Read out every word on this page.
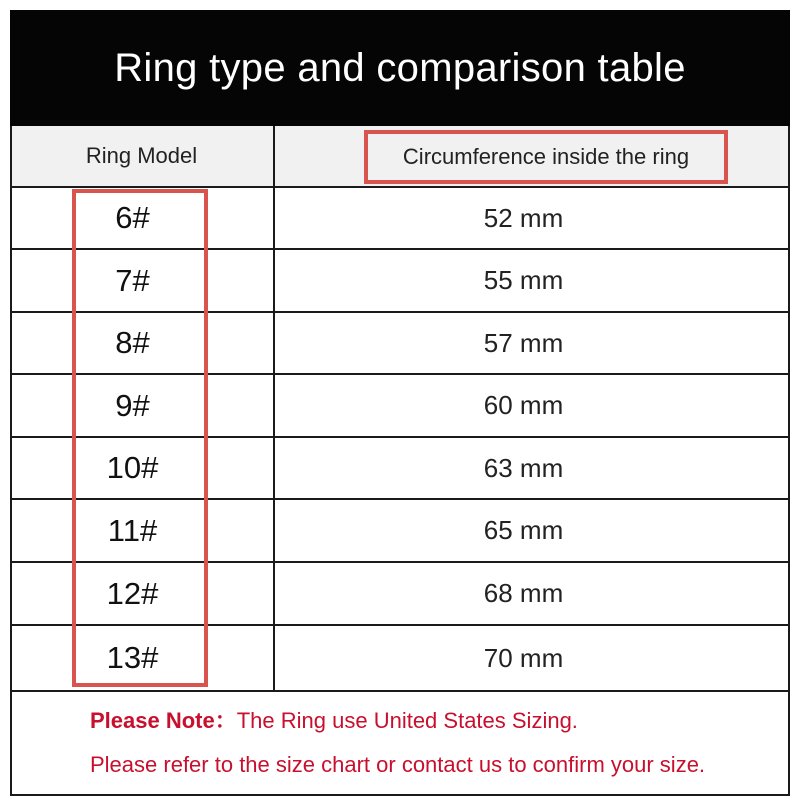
Ring type and comparison table
Ring Model	Circumference inside the ring
6#	52 mm
7#	55 mm
8#	57 mm
9#	60 mm
10#	63 mm
11#	65 mm
12#	68 mm
13#	70 mm
Please Note：The Ring use United States Sizing.
Please refer to the size chart or contact us to confirm your size.
